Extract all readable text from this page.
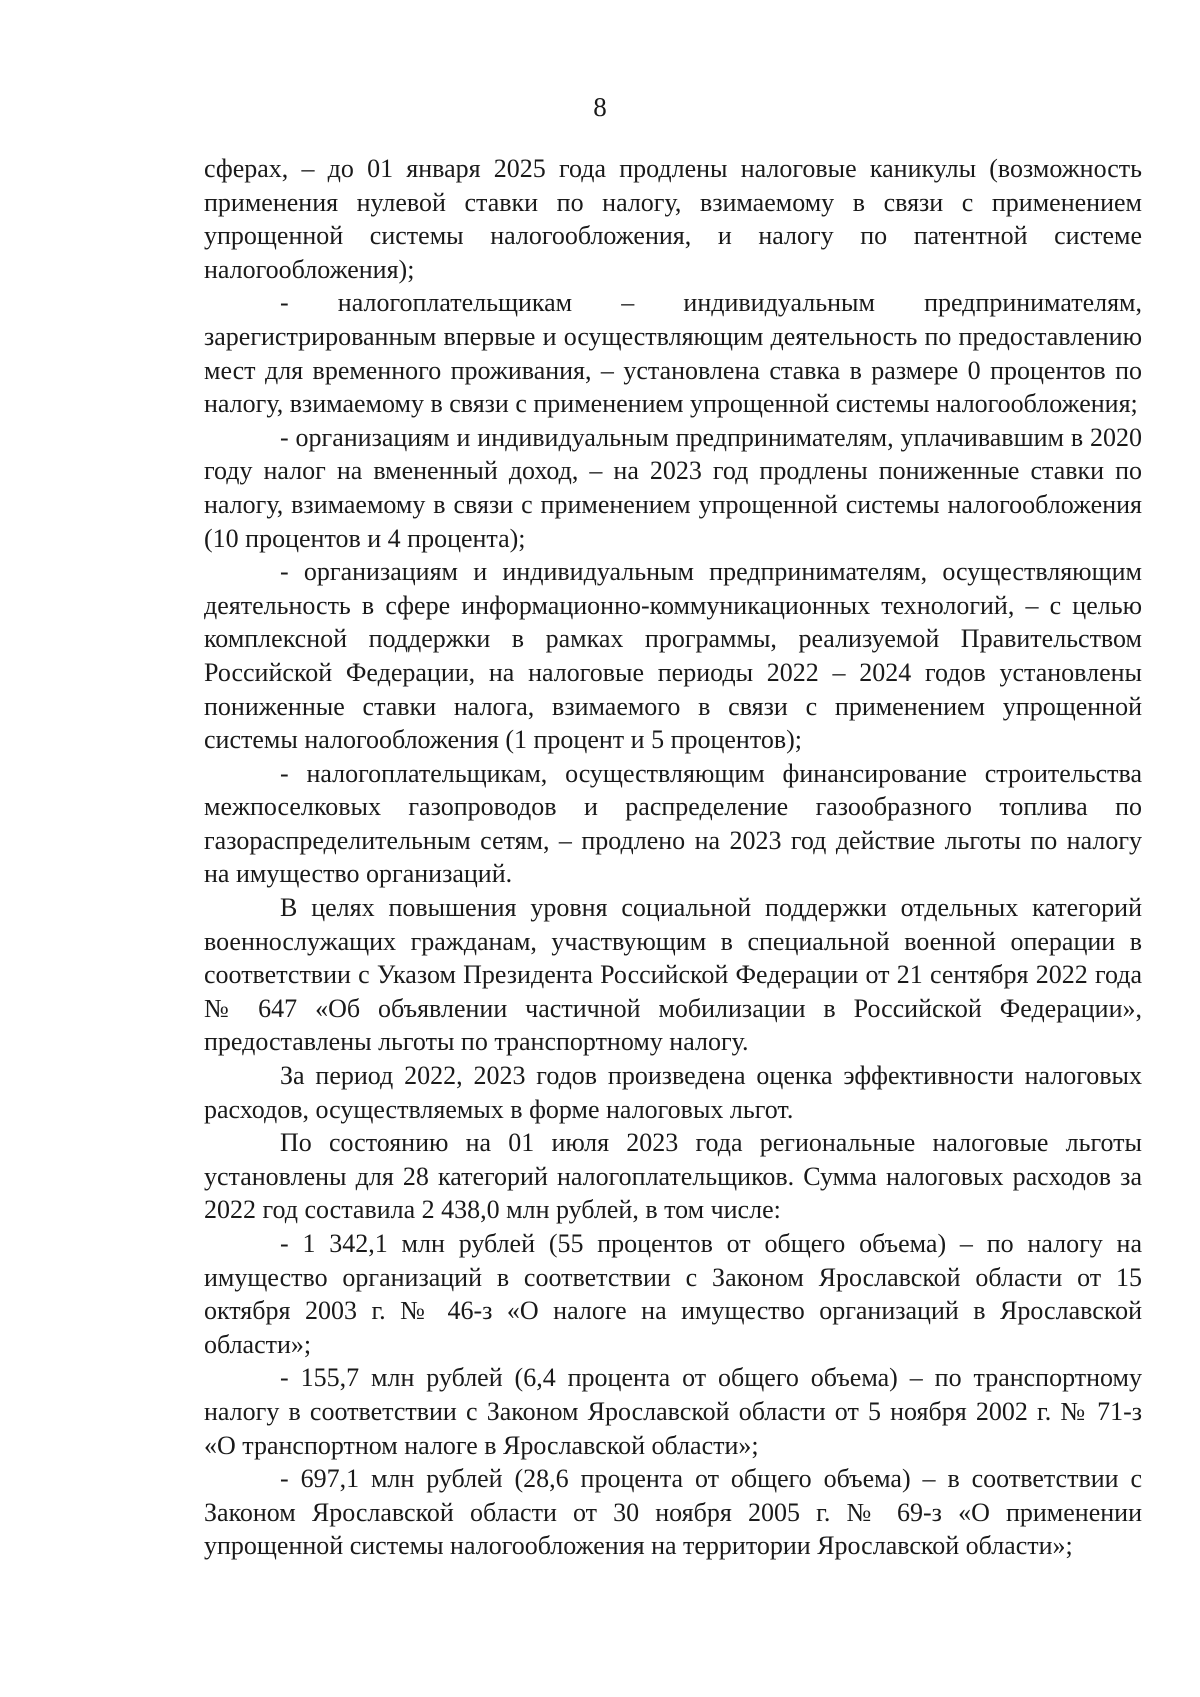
8

сферах, – до 01 января 2025 года продлены налоговые каникулы (возможность применения нулевой ставки по налогу, взимаемому в связи с применением упрощенной системы налогообложения, и налогу по патентной системе налогообложения);

- налогоплательщикам – индивидуальным предпринимателям, зарегистрированным впервые и осуществляющим деятельность по предоставлению мест для временного проживания, – установлена ставка в размере 0 процентов по налогу, взимаемому в связи с применением упрощенной системы налогообложения;

- организациям и индивидуальным предпринимателям, уплачивавшим в 2020 году налог на вмененный доход, – на 2023 год продлены пониженные ставки по налогу, взимаемому в связи с применением упрощенной системы налогообложения (10 процентов и 4 процента);

- организациям и индивидуальным предпринимателям, осуществляющим деятельность в сфере информационно-коммуникационных технологий, – с целью комплексной поддержки в рамках программы, реализуемой Правительством Российской Федерации, на налоговые периоды 2022 – 2024 годов установлены пониженные ставки налога, взимаемого в связи с применением упрощенной системы налогообложения (1 процент и 5 процентов);

- налогоплательщикам, осуществляющим финансирование строительства межпоселковых газопроводов и распределение газообразного топлива по газораспределительным сетям, – продлено на 2023 год действие льготы по налогу на имущество организаций.

В целях повышения уровня социальной поддержки отдельных категорий военнослужащих гражданам, участвующим в специальной военной операции в соответствии с Указом Президента Российской Федерации от 21 сентября 2022 года № 647 «Об объявлении частичной мобилизации в Российской Федерации», предоставлены льготы по транспортному налогу.

За период 2022, 2023 годов произведена оценка эффективности налоговых расходов, осуществляемых в форме налоговых льгот.

По состоянию на 01 июля 2023 года региональные налоговые льготы установлены для 28 категорий налогоплательщиков. Сумма налоговых расходов за 2022 год составила 2 438,0 млн рублей, в том числе:

- 1 342,1 млн рублей (55 процентов от общего объема) – по налогу на имущество организаций в соответствии с Законом Ярославской области от 15 октября 2003 г. № 46-з «О налоге на имущество организаций в Ярославской области»;

- 155,7 млн рублей (6,4 процента от общего объема) – по транспортному налогу в соответствии с Законом Ярославской области от 5 ноября 2002 г. № 71-з «О транспортном налоге в Ярославской области»;

- 697,1 млн рублей (28,6 процента от общего объема) – в соответствии с Законом Ярославской области от 30 ноября 2005 г. № 69-з «О применении упрощенной системы налогообложения на территории Ярославской области»;
